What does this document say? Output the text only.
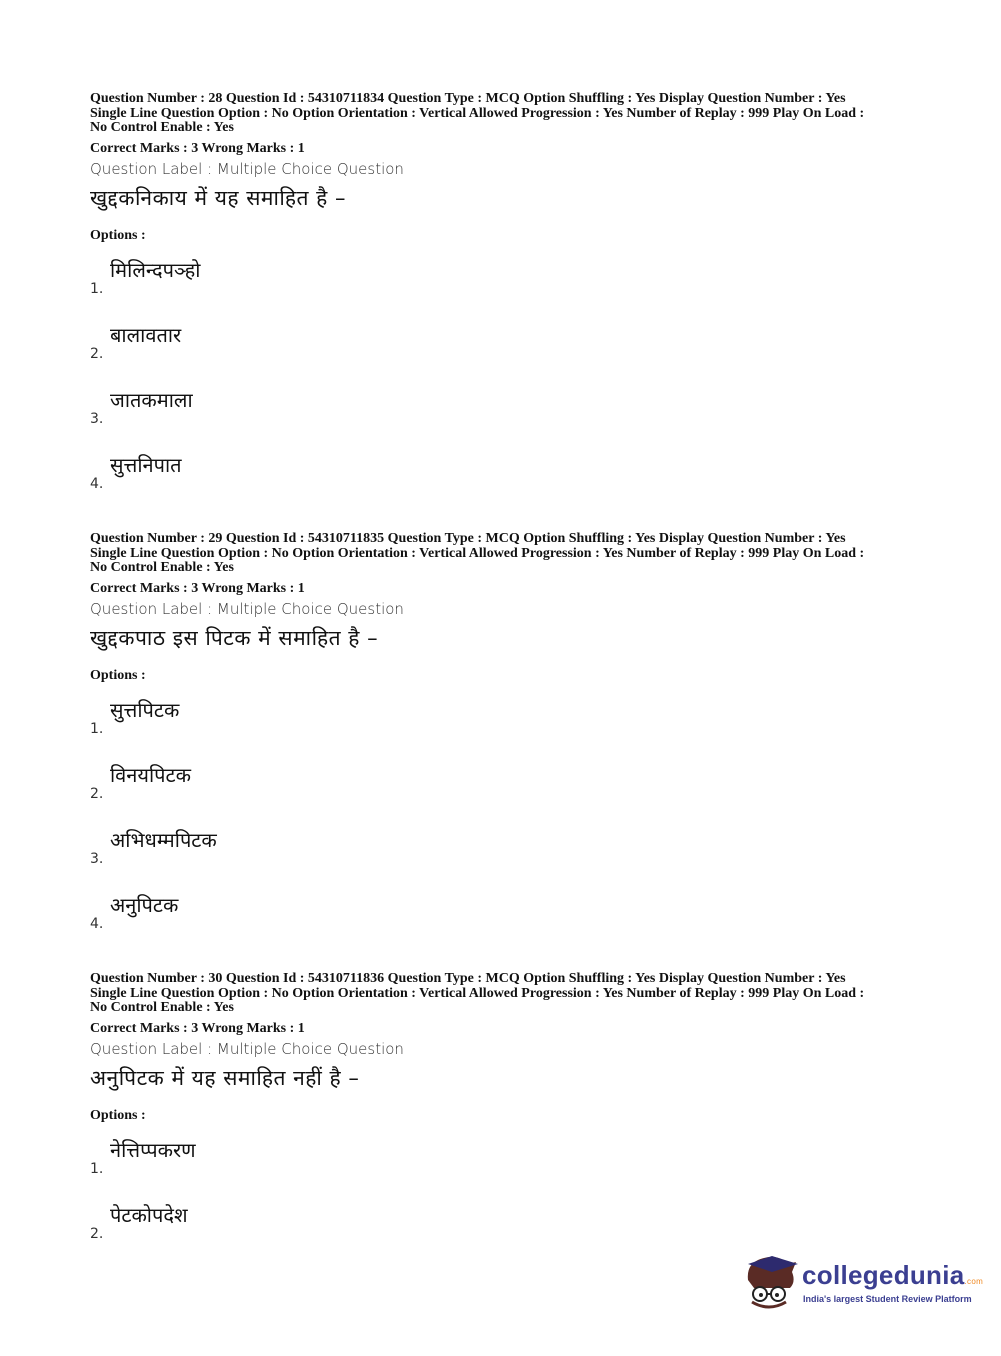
Question Number : 28 Question Id : 54310711834 Question Type : MCQ Option Shuffling : Yes Display Question Number : Yes
Single Line Question Option : No Option Orientation : Vertical Allowed Progression : Yes Number of Replay : 999 Play On Load :
No Control Enable : Yes
Correct Marks : 3 Wrong Marks : 1
Question Label : Multiple Choice Question
खुद्दकनिकाय में यह समाहित है –
Options :
1.
मिलिन्दपञ्हो
2.
बालावतार
3.
जातकमाला
4.
सुत्तनिपात
Question Number : 29 Question Id : 54310711835 Question Type : MCQ Option Shuffling : Yes Display Question Number : Yes
Single Line Question Option : No Option Orientation : Vertical Allowed Progression : Yes Number of Replay : 999 Play On Load :
No Control Enable : Yes
Correct Marks : 3 Wrong Marks : 1
Question Label : Multiple Choice Question
खुद्दकपाठ इस पिटक में समाहित है –
Options :
1.
सुत्तपिटक
2.
विनयपिटक
3.
अभिधम्मपिटक
4.
अनुपिटक
Question Number : 30 Question Id : 54310711836 Question Type : MCQ Option Shuffling : Yes Display Question Number : Yes
Single Line Question Option : No Option Orientation : Vertical Allowed Progression : Yes Number of Replay : 999 Play On Load :
No Control Enable : Yes
Correct Marks : 3 Wrong Marks : 1
Question Label : Multiple Choice Question
अनुपिटक में यह समाहित नहीं है –
Options :
1.
नेत्तिप्पकरण
2.
पेटकोपदेश
collegedunia.com
India's largest Student Review Platform
